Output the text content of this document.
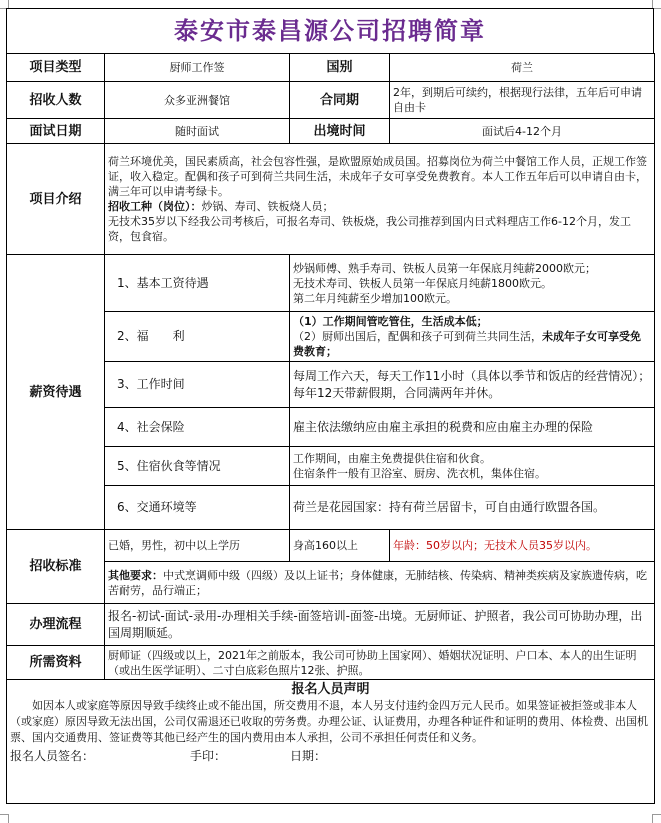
泰安市泰昌源公司招聘简章
项目类型	厨师工作签	国别	荷兰
招收人数	众多亚洲餐馆	合同期	2年，到期后可续约，根据现行法律，五年后可申请自由卡
面试日期	随时面试	出境时间	面试后4-12个月
项目介绍	荷兰环境优美，国民素质高，社会包容性强，是欧盟原始成员国。招募岗位为荷兰中餐馆工作人员，正规工作签证，收入稳定。配偶和孩子可到荷兰共同生活，未成年子女可享受免费教育。本人工作五年后可以申请自由卡，满三年可以申请考绿卡。

招收工种（岗位）：炒锅、寿司、铁板烧人员；

无技术35岁以下经我公司考核后，可报名寿司、铁板烧，我公司推荐到国内日式料理店工作6-12个月，发工资，包食宿。		

薪资待遇	1、基本工资待遇	炒锅师傅、熟手寿司、铁板人员第一年保底月纯薪2000欧元；

无技术寿司、铁板人员第一年保底月纯薪1800欧元。

第二年月纯薪至少增加100欧元。	

	2、福　　利	（1）工作期间管吃管住，生活成本低；

（2）厨师出国后，配偶和孩子可到荷兰共同生活，未成年子女可享受免费教育；	

	3、工作时间	每周工作六天，每天工作11小时（具体以季节和饭店的经营情况）；每年12天带薪假期，合同满两年并休。	
	4、社会保险	雇主依法缴纳应由雇主承担的税费和应由雇主办理的保险	
	5、住宿伙食等情况	工作期间，由雇主免费提供住宿和伙食。

住宿条件一般有卫浴室、厨房、洗衣机，集体住宿。	

	6、交通环境等	荷兰是花园国家：持有荷兰居留卡，可自由通行欧盟各国。	
招收标准	已婚，男性，初中以上学历	身高160以上	年龄：50岁以内；无技术人员35岁以内。
	其他要求：中式烹调师中级（四级）及以上证书；身体健康，无肺结核、传染病、精神类疾病及家族遗传病，吃苦耐劳，品行端正；		
办理流程	报名-初试-面试-录用-办理相关手续-面签培训-面签-出境。无厨师证、护照者，我公司可协助办理，出国周期顺延。		
所需资料	厨师证（四级或以上，2021年之前版本，我公司可协助上国家网）、婚姻状况证明、户口本、本人的出生证明（或出生医学证明）、二寸白底彩色照片12张、护照。		

报名人员声明
如因本人或家庭等原因导致手续终止或不能出国，所交费用不退，本人另支付违约金四万元人民币。如果签证被拒签或非本人（或家庭）原因导致无法出国，公司仅需退还已收取的劳务费。办理公证、认证费用，办理各种证件和证明的费用、体检费、出国机票、国内交通费用、签证费等其他已经产生的国内费用由本人承担，公司不承担任何责任和义务。
报名人员签名： 手印： 日期：			
